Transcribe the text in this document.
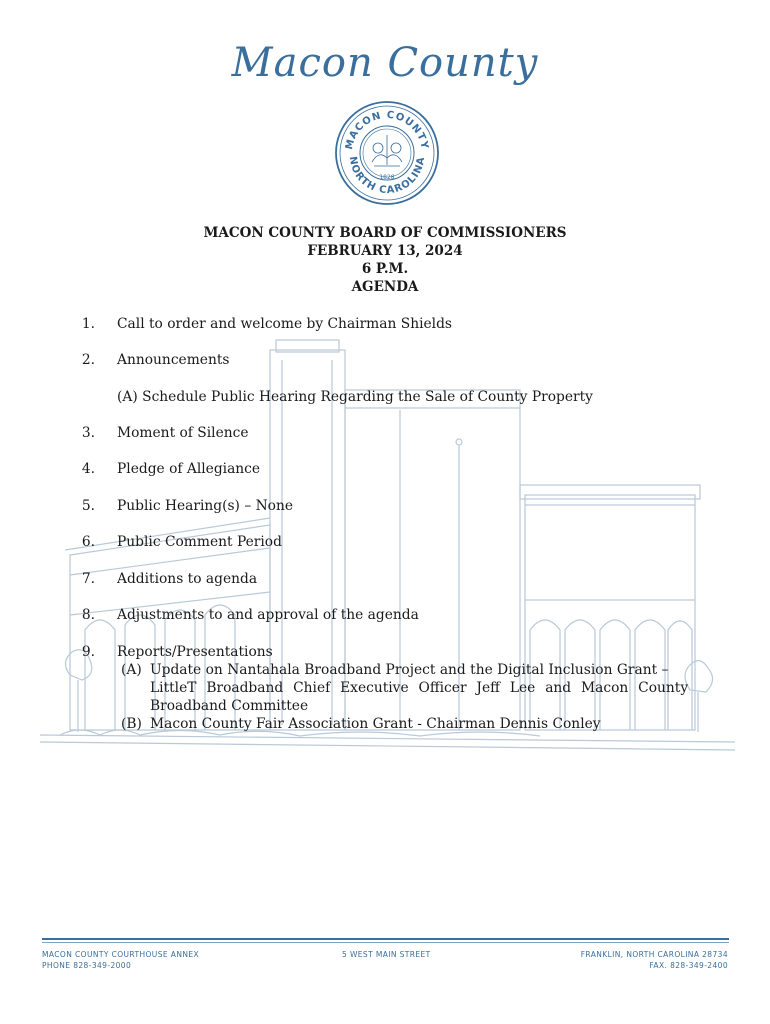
Macon County
MACON COUNTY
NORTH CAROLINA
1828
MACON COUNTY BOARD OF COMMISSIONERS
FEBRUARY 13, 2024
6 P.M.
AGENDA
1. Call to order and welcome by Chairman Shields
2. Announcements
(A) Schedule Public Hearing Regarding the Sale of County Property
3. Moment of Silence
4. Pledge of Allegiance
5. Public Hearing(s) – None
6. Public Comment Period
7. Additions to agenda
8. Adjustments to and approval of the agenda
9. Reports/Presentations
(A) Update on Nantahala Broadband Project and the Digital Inclusion Grant –
LittleT Broadband Chief Executive Officer Jeff Lee and Macon County
Broadband Committee
(B) Macon County Fair Association Grant - Chairman Dennis Conley
MACON COUNTY COURTHOUSE ANNEX
PHONE 828-349-2000
5 WEST MAIN STREET	FRANKLIN, NORTH CAROLINA 28734
FAX. 828-349-2400
